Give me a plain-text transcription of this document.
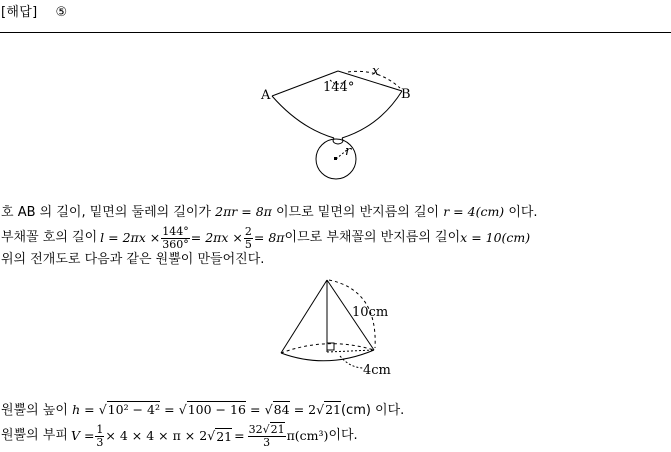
[해답] ⑤
A	B
144°
x
r
10cm
4cm
호 AB 의 길이, 밑면의 둘레의 길이가 2πr = 8π 이므로 밑면의 반지름의 길이 r = 4(cm) 이다.
부채꼴 호의 길이 $l = 2\pi x \times \frac{144^\circ}{360^\circ} = 2\pi x \times \frac{2}{5} = 8\pi$ 이므로 부채꼴의 반지름의 길이 x = 10(cm)
위의 전개도로 다음과 같은 원뿔이 만들어진다.
원뿔의 높이 h = √10² − 4² = √100 − 16 = √84 = 2√21(cm) 이다.
원뿔의 부피 $V = \frac{1}{3} \times 4 \times 4 \times \pi \times 2$ √ $21 = \frac{32√21}{3} \pi(cm^3)$ 이다.
